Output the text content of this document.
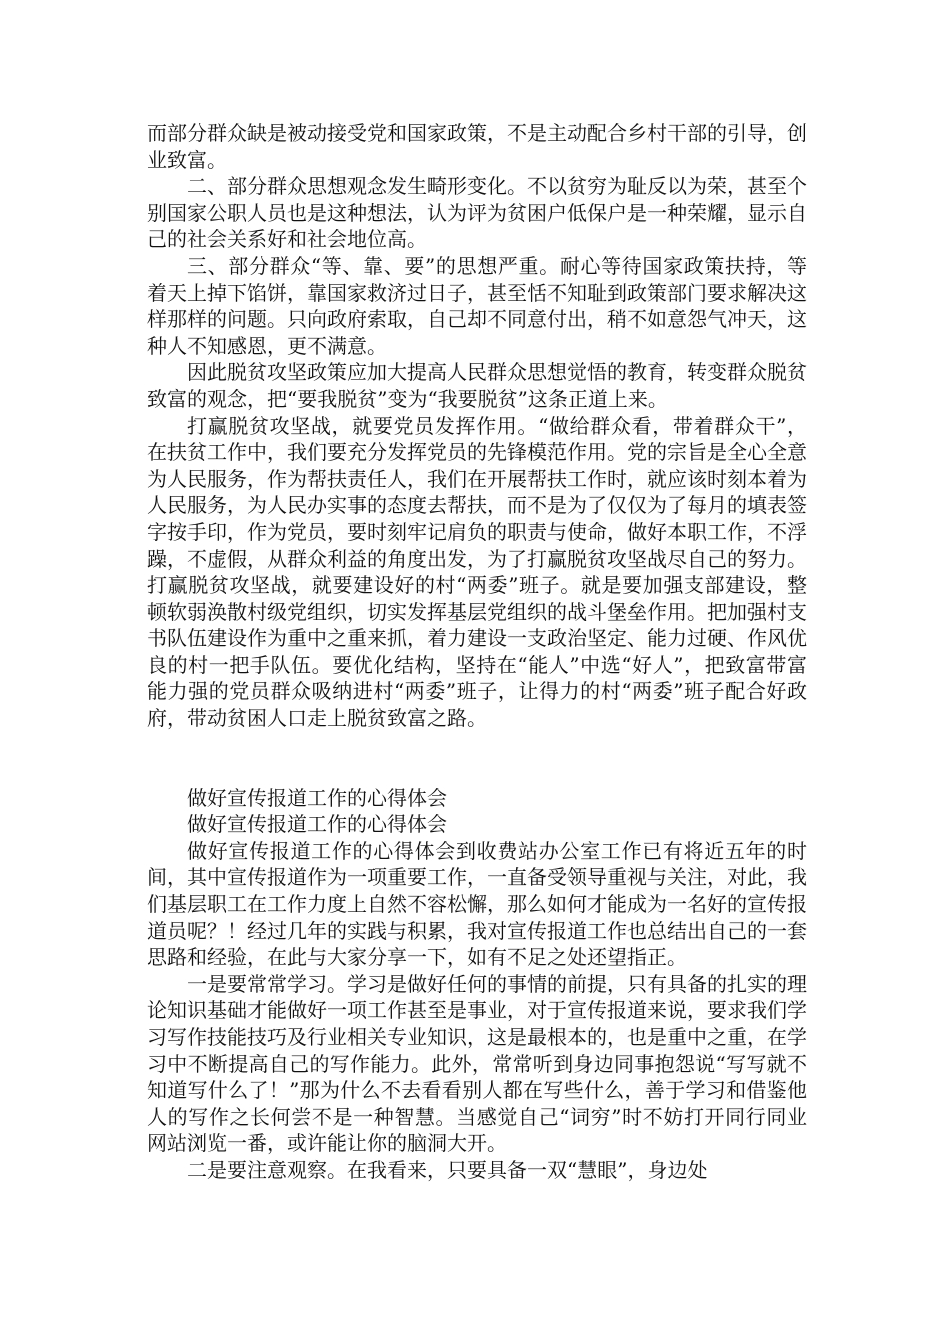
而部分群众缺是被动接受党和国家政策，不是主动配合乡村干部的引导，创业致富。

二、部分群众思想观念发生畸形变化。不以贫穷为耻反以为荣，甚至个别国家公职人员也是这种想法，认为评为贫困户低保户是一种荣耀，显示自己的社会关系好和社会地位高。

三、部分群众“等、靠、要”的思想严重。耐心等待国家政策扶持，等着天上掉下馅饼，靠国家救济过日子，甚至恬不知耻到政策部门要求解决这样那样的问题。只向政府索取，自己却不同意付出，稍不如意怨气冲天，这种人不知感恩，更不满意。

因此脱贫攻坚政策应加大提高人民群众思想觉悟的教育，转变群众脱贫致富的观念，把“要我脱贫”变为“我要脱贫”这条正道上来。

打赢脱贫攻坚战，就要党员发挥作用。“做给群众看，带着群众干”，在扶贫工作中，我们要充分发挥党员的先锋模范作用。党的宗旨是全心全意为人民服务，作为帮扶责任人，我们在开展帮扶工作时，就应该时刻本着为人民服务，为人民办实事的态度去帮扶，而不是为了仅仅为了每月的填表签字按手印，作为党员，要时刻牢记肩负的职责与使命，做好本职工作，不浮躁，不虚假，从群众利益的角度出发，为了打赢脱贫攻坚战尽自己的努力。打赢脱贫攻坚战，就要建设好的村“两委”班子。就是要加强支部建设，整顿软弱涣散村级党组织，切实发挥基层党组织的战斗堡垒作用。把加强村支书队伍建设作为重中之重来抓，着力建设一支政治坚定、能力过硬、作风优良的村一把手队伍。要优化结构，坚持在“能人”中选“好人”，把致富带富能力强的党员群众吸纳进村“两委”班子，让得力的村“两委”班子配合好政府，带动贫困人口走上脱贫致富之路。

做好宣传报道工作的心得体会

做好宣传报道工作的心得体会

做好宣传报道工作的心得体会到收费站办公室工作已有将近五年的时间，其中宣传报道作为一项重要工作，一直备受领导重视与关注，对此，我们基层职工在工作力度上自然不容松懈，那么如何才能成为一名好的宣传报道员呢？！经过几年的实践与积累，我对宣传报道工作也总结出自己的一套思路和经验，在此与大家分享一下，如有不足之处还望指正。

一是要常常学习。学习是做好任何的事情的前提，只有具备的扎实的理论知识基础才能做好一项工作甚至是事业，对于宣传报道来说，要求我们学习写作技能技巧及行业相关专业知识，这是最根本的，也是重中之重，在学习中不断提高自己的写作能力。此外，常常听到身边同事抱怨说“写写就不知道写什么了！”那为什么不去看看别人都在写些什么，善于学习和借鉴他人的写作之长何尝不是一种智慧。当感觉自己“词穷”时不妨打开同行同业网站浏览一番，或许能让你的脑洞大开。

二是要注意观察。在我看来，只要具备一双“慧眼”，身边处
